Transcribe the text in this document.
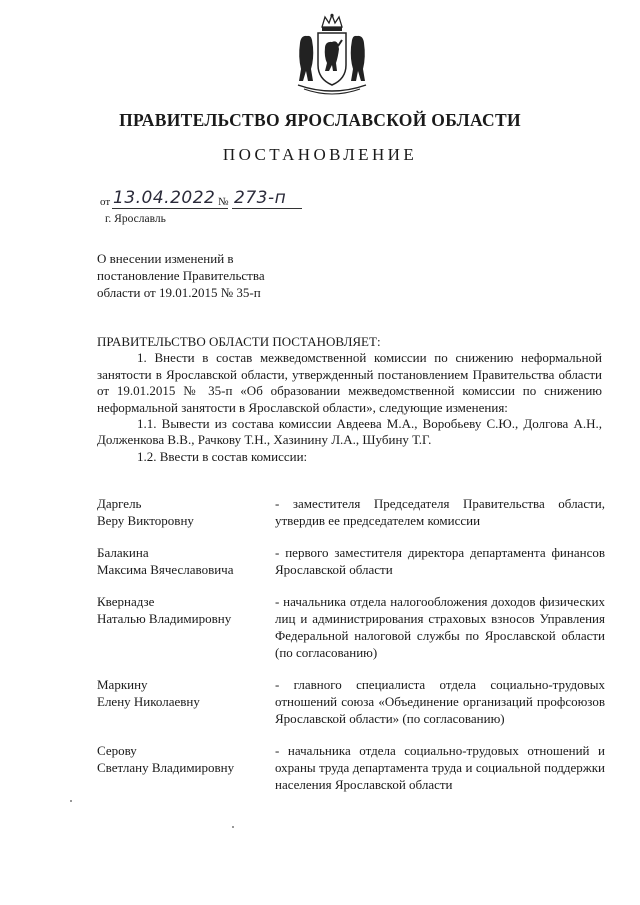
ПРАВИТЕЛЬСТВО ЯРОСЛАВСКОЙ ОБЛАСТИ
ПОСТАНОВЛЕНИЕ
от 13.04.2022 № 273-п
г. Ярославль
О внесении изменений в
постановление Правительства
области от 19.01.2015 № 35-п

ПРАВИТЕЛЬСТВО ОБЛАСТИ ПОСТАНОВЛЯЕТ:

1. Внести в состав межведомственной комиссии по снижению неформальной занятости в Ярославской области, утвержденный постановлением Правительства области от 19.01.2015 № 35-п «Об образовании межведомственной комиссии по снижению неформальной занятости в Ярославской области», следующие изменения:

1.1. Вывести из состава комиссии Авдеева М.А., Воробьеву С.Ю., Долгова А.Н., Долженкова В.В., Рачкову Т.Н., Хазинину Л.А., Шубину Т.Г.

1.2. Ввести в состав комиссии:

Даргель
Веру Викторовну
- заместителя Председателя Правительства области, утвердив ее председателем комиссии
Балакина
Максима Вячеславовича
- первого заместителя директора департамента финансов Ярославской области
Квернадзе
Наталью Владимировну
- начальника отдела налогообложения доходов физических лиц и администрирования страховых взносов Управления Федеральной налоговой службы по Ярославской области (по согласованию)
Маркину
Елену Николаевну
- главного специалиста отдела социально-трудовых отношений союза «Объединение организаций профсоюзов Ярославской области» (по согласованию)
Серову
Светлану Владимировну
- начальника отдела социально-трудовых отношений и охраны труда департамента труда и социальной поддержки населения Ярославской области
